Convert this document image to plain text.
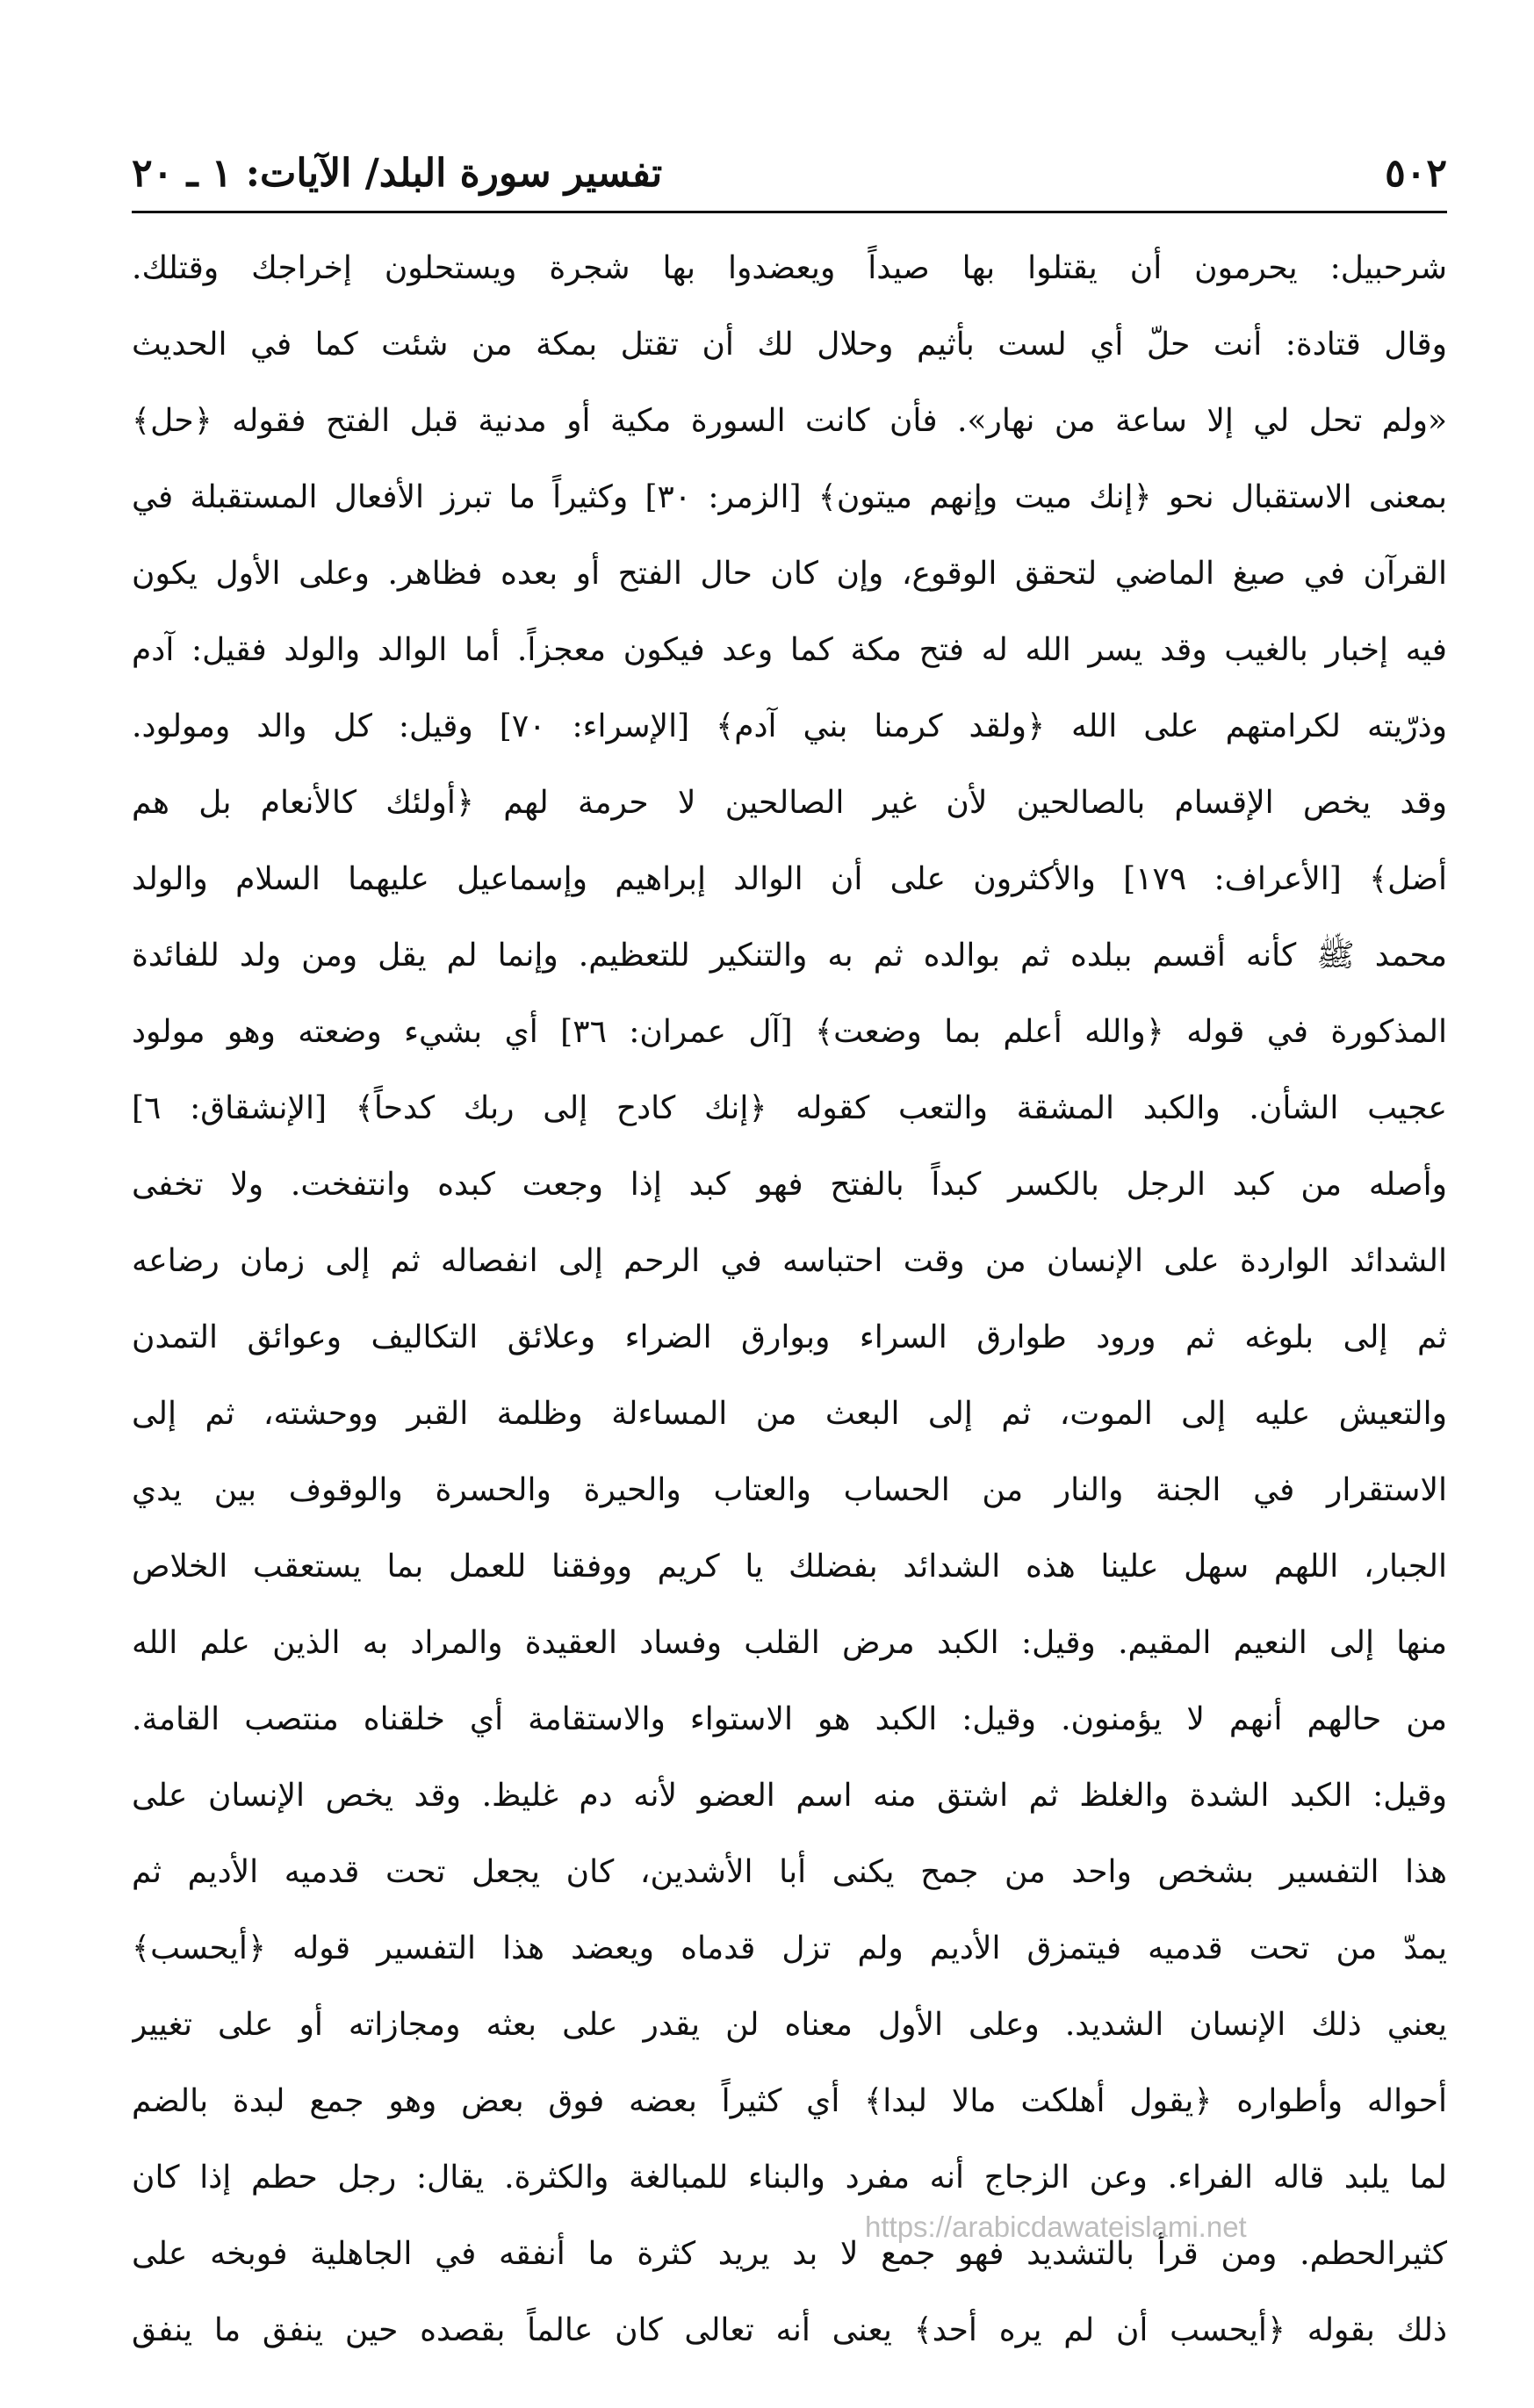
٥٠٢
تفسير سورة البلد/ الآيات: ١ ـ ٢٠
شرحبيل: يحرمون أن يقتلوا بها صيداً ويعضدوا بها شجرة ويستحلون إخراجك وقتلك.
وقال قتادة: أنت حلّ أي لست بأثيم وحلال لك أن تقتل بمكة من شئت كما في الحديث
«ولم تحل لي إلا ساعة من نهار». فأن كانت السورة مكية أو مدنية قبل الفتح فقوله ﴿حل﴾
بمعنى الاستقبال نحو ﴿إنك ميت وإنهم ميتون﴾ [الزمر: ٣٠] وكثيراً ما تبرز الأفعال المستقبلة في
القرآن في صيغ الماضي لتحقق الوقوع، وإن كان حال الفتح أو بعده فظاهر. وعلى الأول يكون
فيه إخبار بالغيب وقد يسر الله له فتح مكة كما وعد فيكون معجزاً. أما الوالد والولد فقيل: آدم
وذرّيته لكرامتهم على الله ﴿ولقد كرمنا بني آدم﴾ [الإسراء: ٧٠] وقيل: كل والد ومولود.
وقد يخص الإقسام بالصالحين لأن غير الصالحين لا حرمة لهم ﴿أولئك كالأنعام بل هم
أضل﴾ [الأعراف: ١٧٩] والأكثرون على أن الوالد إبراهيم وإسماعيل عليهما السلام والولد
محمد ﷺ كأنه أقسم ببلده ثم بوالده ثم به والتنكير للتعظيم. وإنما لم يقل ومن ولد للفائدة
المذكورة في قوله ﴿والله أعلم بما وضعت﴾ [آل عمران: ٣٦] أي بشيء وضعته وهو مولود
عجيب الشأن. والكبد المشقة والتعب كقوله ﴿إنك كادح إلى ربك كدحاً﴾ [الإنشقاق: ٦]
وأصله من كبد الرجل بالكسر كبداً بالفتح فهو كبد إذا وجعت كبده وانتفخت. ولا تخفى
الشدائد الواردة على الإنسان من وقت احتباسه في الرحم إلى انفصاله ثم إلى زمان رضاعه
ثم إلى بلوغه ثم ورود طوارق السراء وبوارق الضراء وعلائق التكاليف وعوائق التمدن
والتعيش عليه إلى الموت، ثم إلى البعث من المساءلة وظلمة القبر ووحشته، ثم إلى
الاستقرار في الجنة والنار من الحساب والعتاب والحيرة والحسرة والوقوف بين يدي
الجبار، اللهم سهل علينا هذه الشدائد بفضلك يا كريم ووفقنا للعمل بما يستعقب الخلاص
منها إلى النعيم المقيم. وقيل: الكبد مرض القلب وفساد العقيدة والمراد به الذين علم الله
من حالهم أنهم لا يؤمنون. وقيل: الكبد هو الاستواء والاستقامة أي خلقناه منتصب القامة.
وقيل: الكبد الشدة والغلظ ثم اشتق منه اسم العضو لأنه دم غليظ. وقد يخص الإنسان على
هذا التفسير بشخص واحد من جمح يكنى أبا الأشدين، كان يجعل تحت قدميه الأديم ثم
يمدّ من تحت قدميه فيتمزق الأديم ولم تزل قدماه ويعضد هذا التفسير قوله ﴿أيحسب﴾
يعني ذلك الإنسان الشديد. وعلى الأول معناه لن يقدر على بعثه ومجازاته أو على تغيير
أحواله وأطواره ﴿يقول أهلكت مالا لبدا﴾ أي كثيراً بعضه فوق بعض وهو جمع لبدة بالضم
لما يلبد قاله الفراء. وعن الزجاج أنه مفرد والبناء للمبالغة والكثرة. يقال: رجل حطم إذا كان
كثيرالحطم. ومن قرأ بالتشديد فهو جمع لا بد يريد كثرة ما أنفقه في الجاهلية فوبخه على
ذلك بقوله ﴿أيحسب أن لم يره أحد﴾ يعنى أنه تعالى كان عالماً بقصده حين ينفق ما ينفق
https://arabicdawateislami.net
